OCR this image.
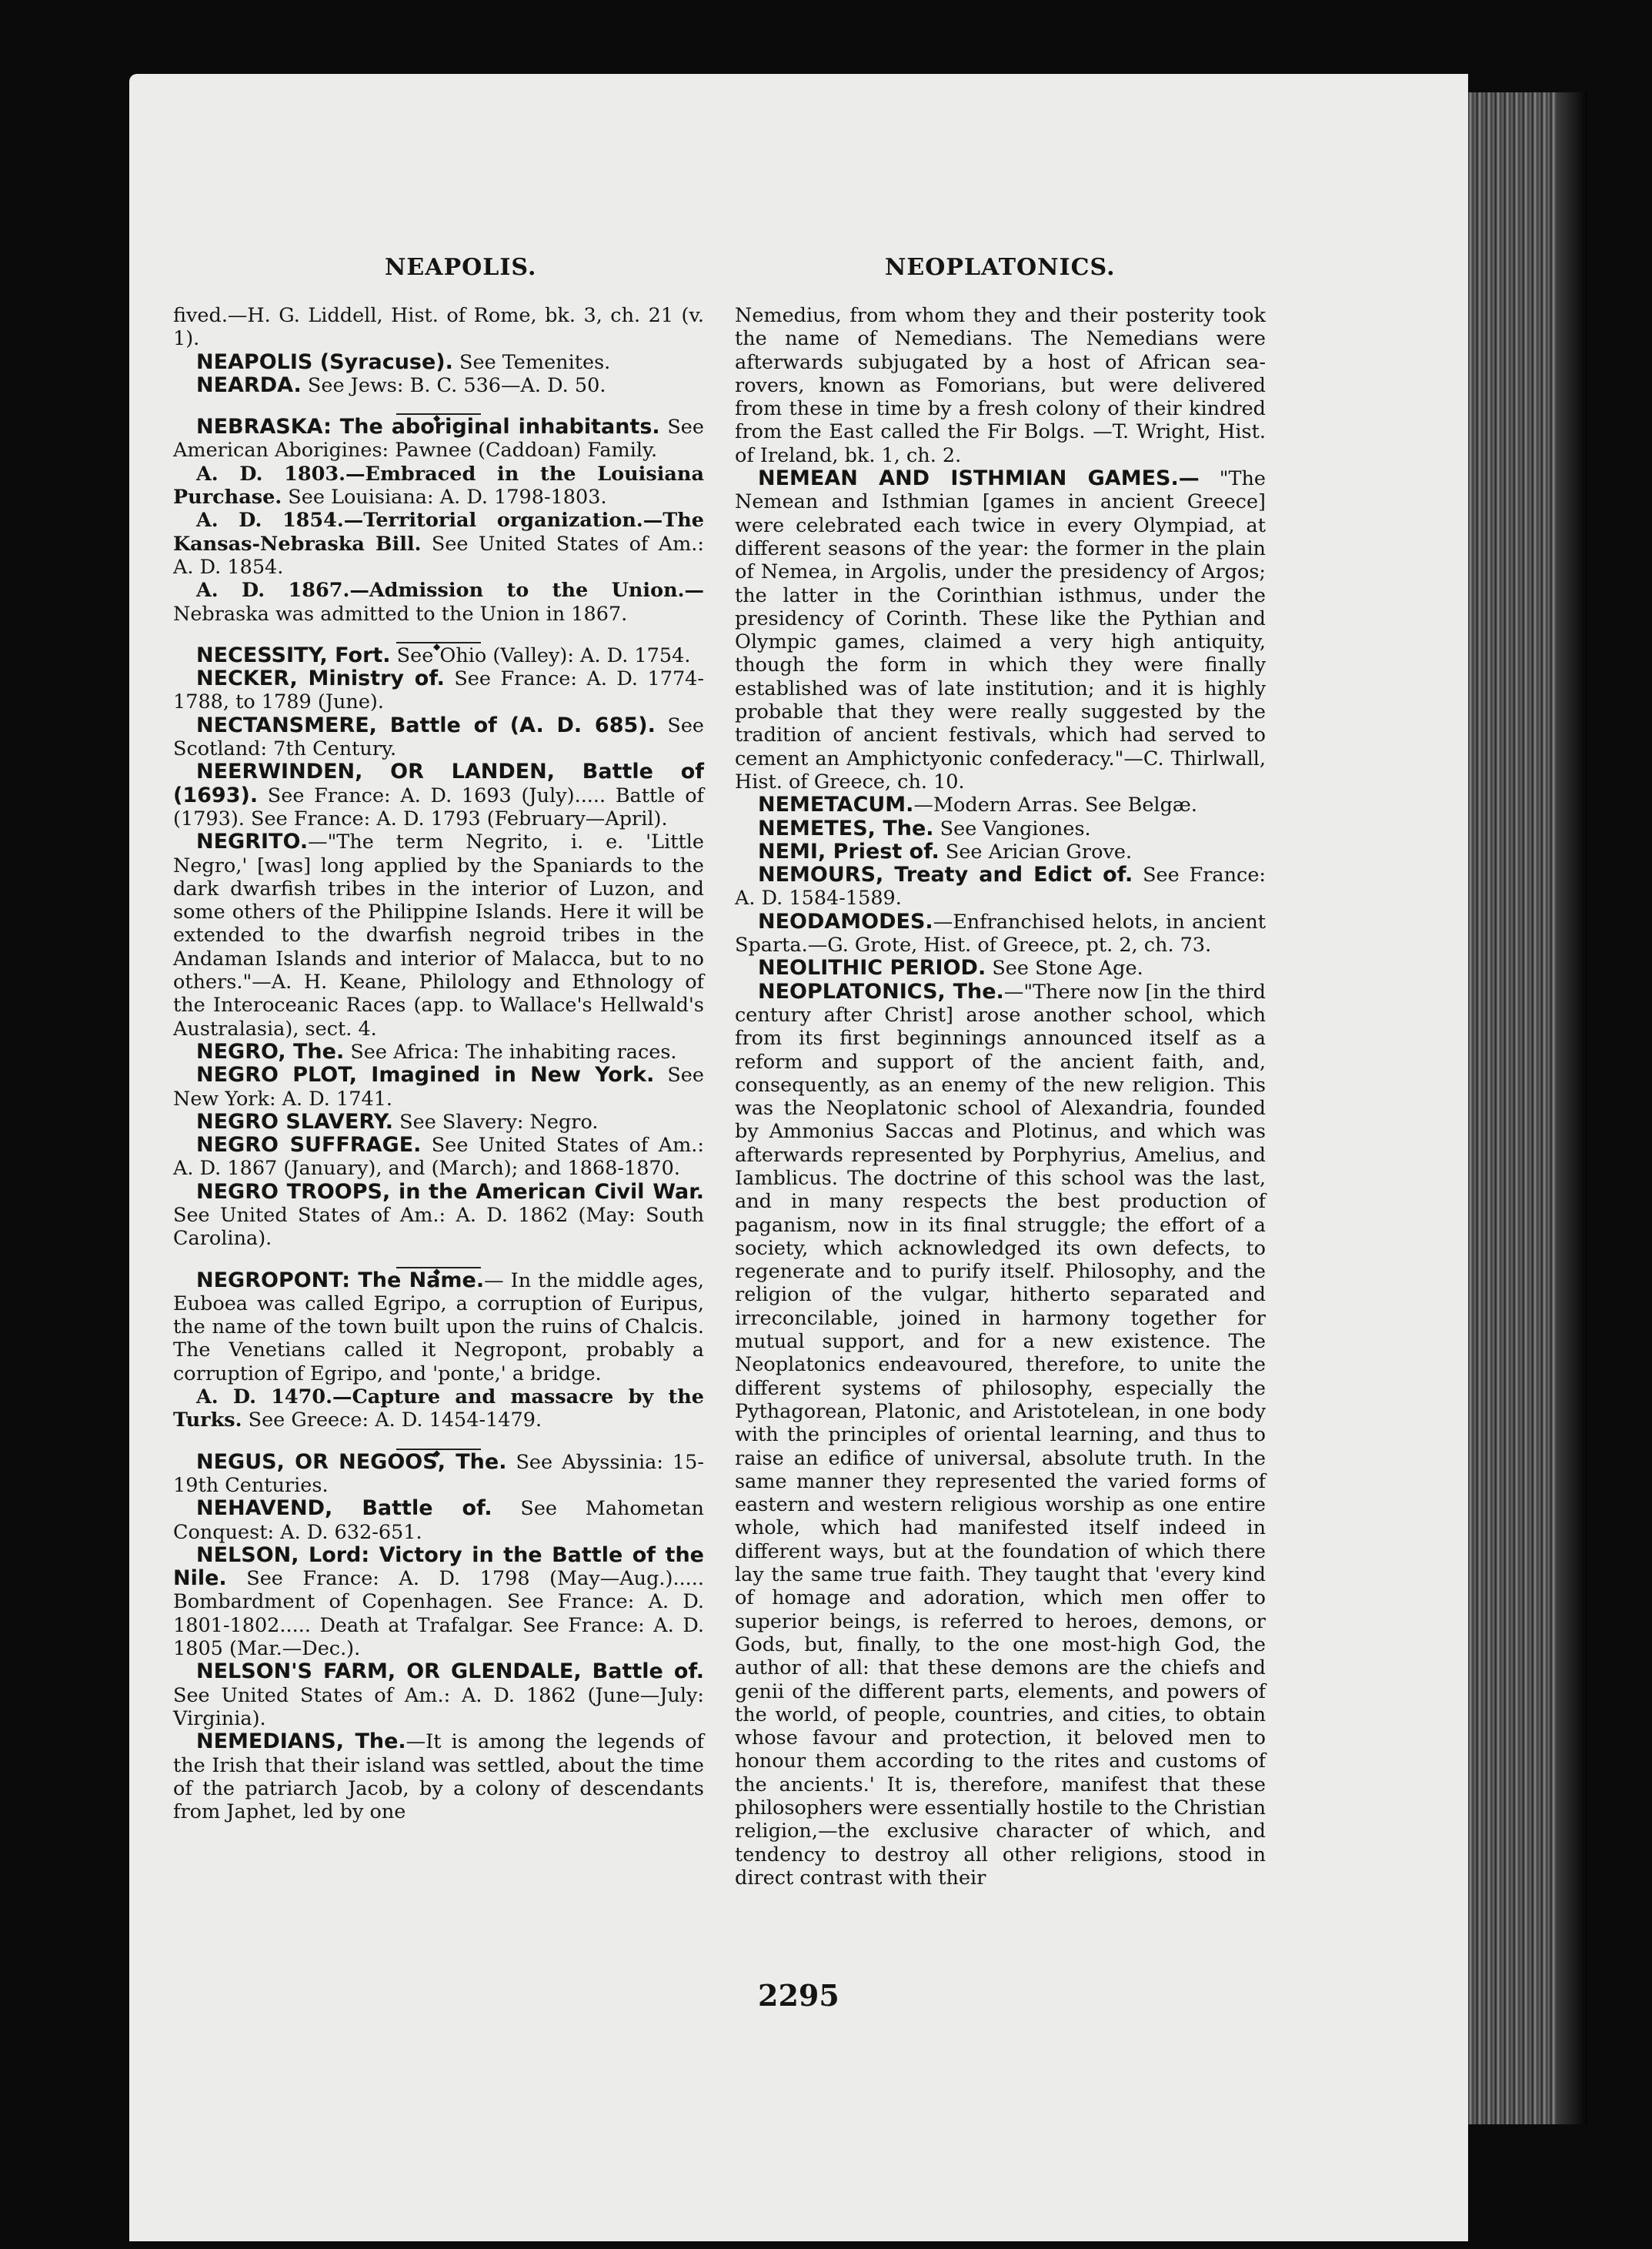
NEAPOLIS.	NEOPLATONICS.

fived.—H. G. Liddell, Hist. of Rome, bk. 3, ch. 21 (v. 1).

NEAPOLIS (Syracuse). See Temenites.

NEARDA. See Jews: B. C. 536—A. D. 50.

◆

NEBRASKA: The aboriginal inhabitants. See American Aborigines: Pawnee (Caddoan) Family.

A. D. 1803.—Embraced in the Louisiana Purchase. See Louisiana: A. D. 1798-1803.

A. D. 1854.—Territorial organization.—The Kansas-Nebraska Bill. See United States of Am.: A. D. 1854.

A. D. 1867.—Admission to the Union.— Nebraska was admitted to the Union in 1867.

◆

NECESSITY, Fort. See Ohio (Valley): A. D. 1754.

NECKER, Ministry of. See France: A. D. 1774-1788, to 1789 (June).

NECTANSMERE, Battle of (A. D. 685). See Scotland: 7th Century.

NEERWINDEN, OR LANDEN, Battle of (1693). See France: A. D. 1693 (July)..... Battle of (1793). See France: A. D. 1793 (February—April).

NEGRITO.—"The term Negrito, i. e. 'Little Negro,' [was] long applied by the Spaniards to the dark dwarfish tribes in the interior of Luzon, and some others of the Philippine Islands. Here it will be extended to the dwarfish negroid tribes in the Andaman Islands and interior of Malacca, but to no others."—A. H. Keane, Philology and Ethnology of the Interoceanic Races (app. to Wallace's Hellwald's Australasia), sect. 4.

NEGRO, The. See Africa: The inhabiting races.

NEGRO PLOT, Imagined in New York. See New York: A. D. 1741.

NEGRO SLAVERY. See Slavery: Negro.

NEGRO SUFFRAGE. See United States of Am.: A. D. 1867 (January), and (March); and 1868-1870.

NEGRO TROOPS, in the American Civil War. See United States of Am.: A. D. 1862 (May: South Carolina).

◆

NEGROPONT: The Name.— In the middle ages, Euboea was called Egripo, a corruption of Euripus, the name of the town built upon the ruins of Chalcis. The Venetians called it Negropont, probably a corruption of Egripo, and 'ponte,' a bridge.

A. D. 1470.—Capture and massacre by the Turks. See Greece: A. D. 1454-1479.

◆

NEGUS, OR NEGOOS, The. See Abyssinia: 15-19th Centuries.

NEHAVEND, Battle of. See Mahometan Conquest: A. D. 632-651.

NELSON, Lord: Victory in the Battle of the Nile. See France: A. D. 1798 (May—Aug.)..... Bombardment of Copenhagen. See France: A. D. 1801-1802..... Death at Trafalgar. See France: A. D. 1805 (Mar.—Dec.).

NELSON'S FARM, OR GLENDALE, Battle of. See United States of Am.: A. D. 1862 (June—July: Virginia).

NEMEDIANS, The.—It is among the legends of the Irish that their island was settled, about the time of the patriarch Jacob, by a colony of descendants from Japhet, led by one

Nemedius, from whom they and their posterity took the name of Nemedians. The Nemedians were afterwards subjugated by a host of African sea-rovers, known as Fomorians, but were delivered from these in time by a fresh colony of their kindred from the East called the Fir Bolgs. —T. Wright, Hist. of Ireland, bk. 1, ch. 2.

NEMEAN AND ISTHMIAN GAMES.— "The Nemean and Isthmian [games in ancient Greece] were celebrated each twice in every Olympiad, at different seasons of the year: the former in the plain of Nemea, in Argolis, under the presidency of Argos; the latter in the Corinthian isthmus, under the presidency of Corinth. These like the Pythian and Olympic games, claimed a very high antiquity, though the form in which they were finally established was of late institution; and it is highly probable that they were really suggested by the tradition of ancient festivals, which had served to cement an Amphictyonic confederacy."—C. Thirlwall, Hist. of Greece, ch. 10.

NEMETACUM.—Modern Arras. See Belgæ.

NEMETES, The. See Vangiones.

NEMI, Priest of. See Arician Grove.

NEMOURS, Treaty and Edict of. See France: A. D. 1584-1589.

NEODAMODES.—Enfranchised helots, in ancient Sparta.—G. Grote, Hist. of Greece, pt. 2, ch. 73.

NEOLITHIC PERIOD. See Stone Age.

NEOPLATONICS, The.—"There now [in the third century after Christ] arose another school, which from its first beginnings announced itself as a reform and support of the ancient faith, and, consequently, as an enemy of the new religion. This was the Neoplatonic school of Alexandria, founded by Ammonius Saccas and Plotinus, and which was afterwards represented by Porphyrius, Amelius, and Iamblicus. The doctrine of this school was the last, and in many respects the best production of paganism, now in its final struggle; the effort of a society, which acknowledged its own defects, to regenerate and to purify itself. Philosophy, and the religion of the vulgar, hitherto separated and irreconcilable, joined in harmony together for mutual support, and for a new existence. The Neoplatonics endeavoured, therefore, to unite the different systems of philosophy, especially the Pythagorean, Platonic, and Aristotelean, in one body with the principles of oriental learning, and thus to raise an edifice of universal, absolute truth. In the same manner they represented the varied forms of eastern and western religious worship as one entire whole, which had manifested itself indeed in different ways, but at the foundation of which there lay the same true faith. They taught that 'every kind of homage and adoration, which men offer to superior beings, is referred to heroes, demons, or Gods, but, finally, to the one most-high God, the author of all: that these demons are the chiefs and genii of the different parts, elements, and powers of the world, of people, countries, and cities, to obtain whose favour and protection, it beloved men to honour them according to the rites and customs of the ancients.' It is, therefore, manifest that these philosophers were essentially hostile to the Christian religion,—the exclusive character of which, and tendency to destroy all other religions, stood in direct contrast with their

2295
